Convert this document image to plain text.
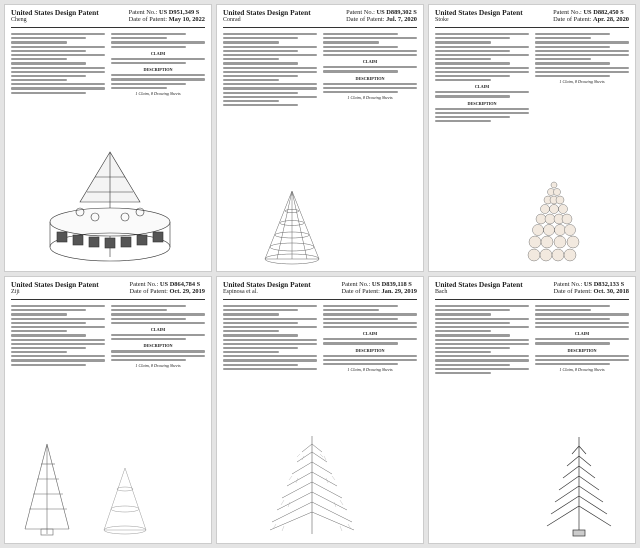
United States Design Patent
Cheng
Patent No.: US D951,349 S
Date of Patent: May 10, 2022
CLAIM
DESCRIPTION
1 Claim, 8 Drawing Sheets
United States Design Patent
Conrad
Patent No.: US D889,302 S
Date of Patent: Jul. 7, 2020
CLAIM
DESCRIPTION
1 Claim, 8 Drawing Sheets
United States Design Patent
Stoke
Patent No.: US D882,450 S
Date of Patent: Apr. 28, 2020
CLAIM
DESCRIPTION
1 Claim, 8 Drawing Sheets
United States Design Patent
Ziji
Patent No.: US D864,784 S
Date of Patent: Oct. 29, 2019
CLAIM
DESCRIPTION
1 Claim, 8 Drawing Sheets
United States Design Patent
Espinosa et al.
Patent No.: US D839,118 S
Date of Patent: Jan. 29, 2019
CLAIM
DESCRIPTION
1 Claim, 8 Drawing Sheets
United States Design Patent
Bach
Patent No.: US D832,133 S
Date of Patent: Oct. 30, 2018
CLAIM
DESCRIPTION
1 Claim, 8 Drawing Sheets
